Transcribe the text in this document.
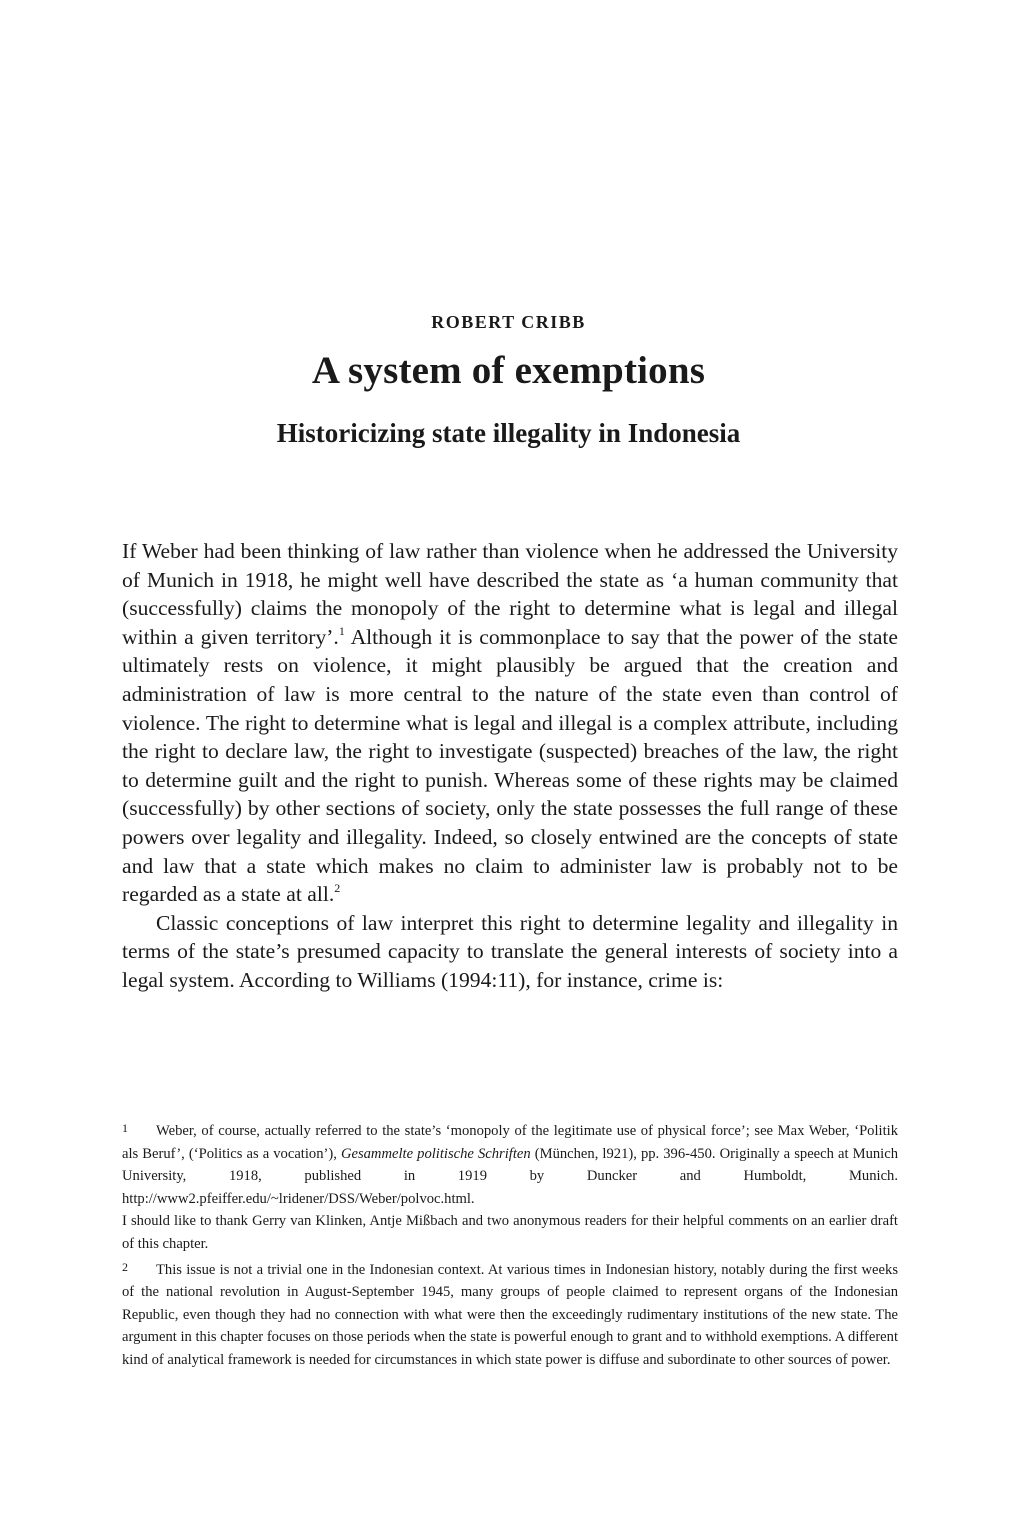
ROBERT CRIBB
A system of exemptions
Historicizing state illegality in Indonesia

If Weber had been thinking of law rather than violence when he addressed the University of Munich in 1918, he might well have described the state as ‘a human community that (successfully) claims the monopoly of the right to determine what is legal and illegal within a given territory’.$^1$ Although it is commonplace to say that the power of the state ultimately rests on violence, it might plausibly be argued that the creation and administration of law is more central to the nature of the state even than control of violence. The right to determine what is legal and illegal is a complex attribute, including the right to declare law, the right to investigate (suspected) breaches of the law, the right to determine guilt and the right to punish. Whereas some of these rights may be claimed (successfully) by other sections of society, only the state possesses the full range of these powers over legality and illegality. Indeed, so closely entwined are the concepts of state and law that a state which makes no claim to administer law is probably not to be regarded as a state at all.$^2$

Classic conceptions of law interpret this right to determine legality and illegality in terms of the state’s presumed capacity to translate the general interests of society into a legal system. According to Williams (1994:11), for instance, crime is:

1 Weber, of course, actually referred to the state’s ‘monopoly of the legitimate use of physical force’; see Max Weber, ‘Politik als Beruf’, (‘Politics as a vocation’), Gesammelte politische Schriften (München, l921), pp. 396-450. Originally a speech at Munich University, 1918, published in 1919 by Duncker and Humboldt, Munich. http://www2.pfeiffer.edu/~lridener/DSS/Weber/polvoc.html.

I should like to thank Gerry van Klinken, Antje Mißbach and two anonymous readers for their helpful comments on an earlier draft of this chapter.

2 This issue is not a trivial one in the Indonesian context. At various times in Indonesian history, notably during the first weeks of the national revolution in August-September 1945, many groups of people claimed to represent organs of the Indonesian Republic, even though they had no connection with what were then the exceedingly rudimentary institutions of the new state. The argument in this chapter focuses on those periods when the state is powerful enough to grant and to withhold exemptions. A different kind of analytical framework is needed for circumstances in which state power is diffuse and subordinate to other sources of power.
